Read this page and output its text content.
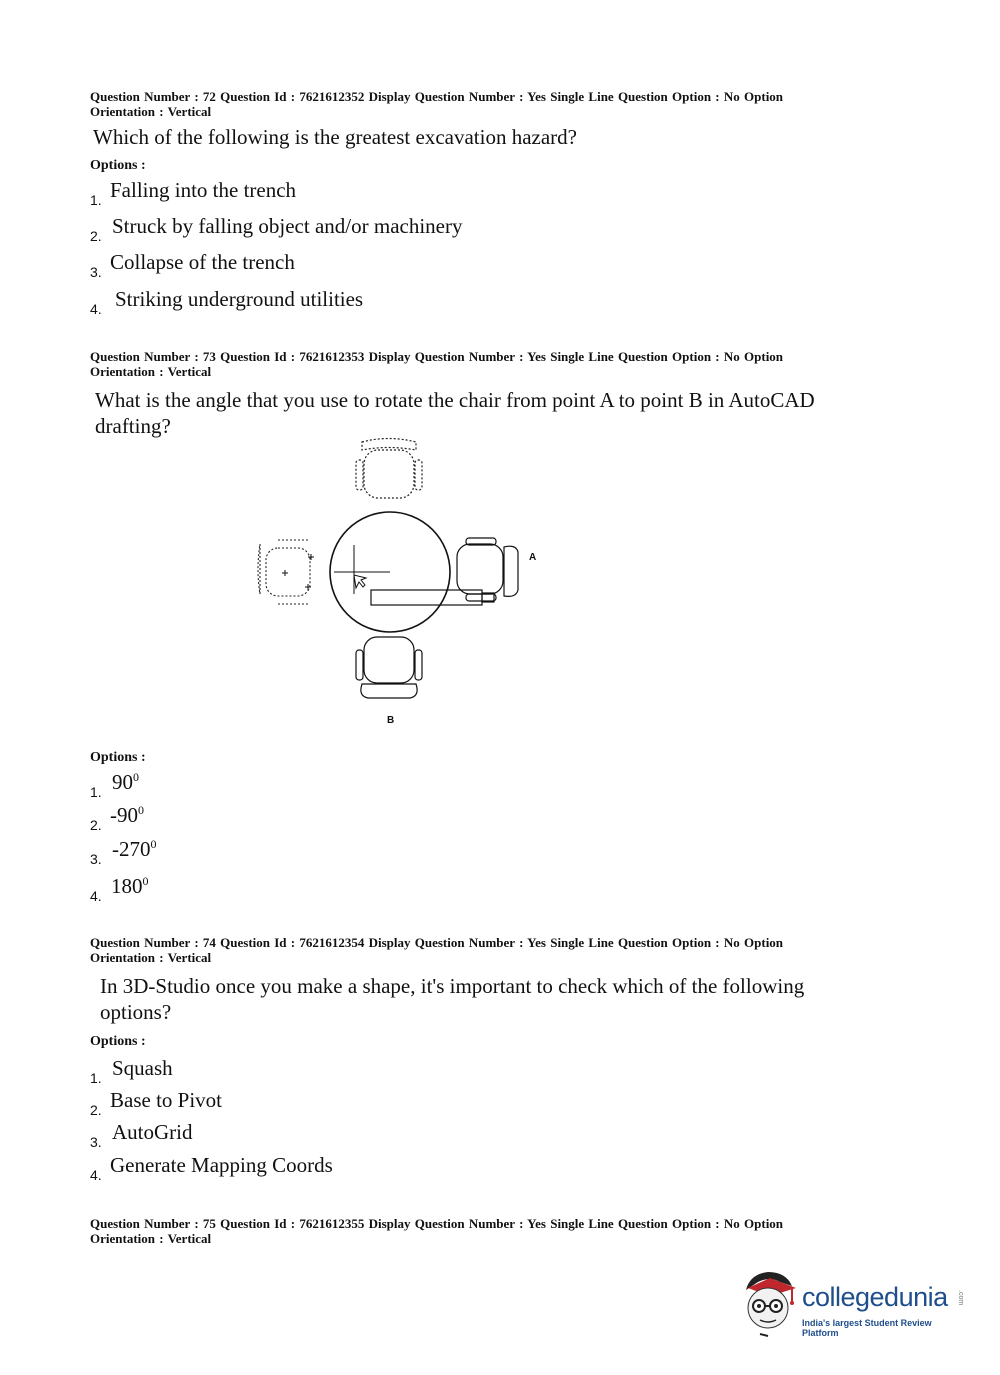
Question Number : 72 Question Id : 7621612352 Display Question Number : Yes Single Line Question Option : No Option
Orientation : Vertical
Which of the following is the greatest excavation hazard?
Options :
1. Falling into the trench
2. Struck by falling object and/or machinery
3. Collapse of the trench
4. Striking underground utilities
Question Number : 73 Question Id : 7621612353 Display Question Number : Yes Single Line Question Option : No Option
Orientation : Vertical
What is the angle that you use to rotate the chair from point A to point B in AutoCAD drafting?
A
B
Options :
1. $90^0$
2. $-90^0$
3. $-270^0$
4. $180^0$
Question Number : 74 Question Id : 7621612354 Display Question Number : Yes Single Line Question Option : No Option
Orientation : Vertical
In 3D-Studio once you make a shape, it's important to check which of the following options?
Options :
1. Squash
2. Base to Pivot
3. AutoGrid
4. Generate Mapping Coords
Question Number : 75 Question Id : 7621612355 Display Question Number : Yes Single Line Question Option : No Option
Orientation : Vertical
collegedunia .com
India's largest Student Review Platform
